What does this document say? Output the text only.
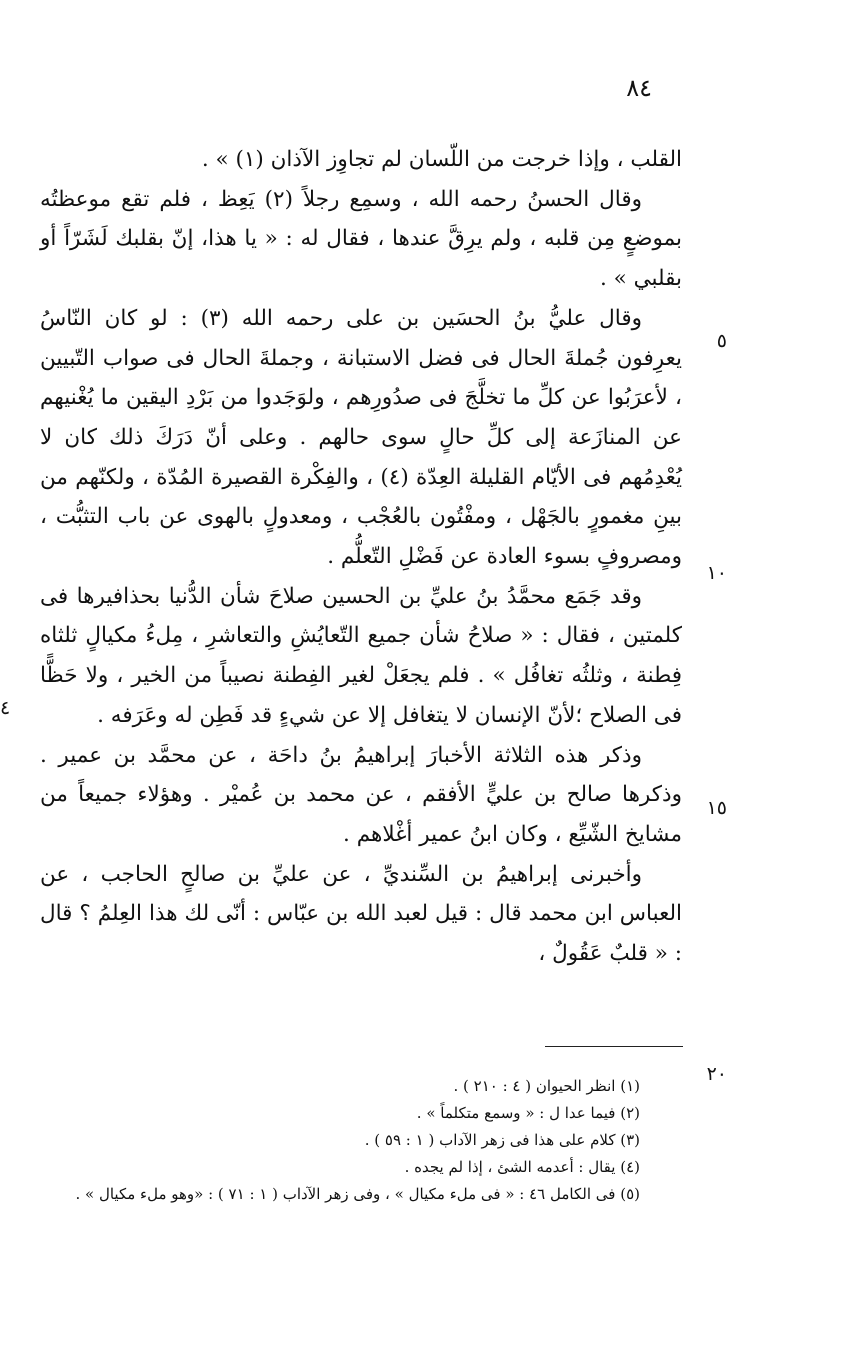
٨٤

القلب ، وإذا خرجت من اللّسان لم تجاوِز الآذان (١) » .

وقال الحسنُ رحمه الله ، وسمِع رجلاً (٢) يَعِظ ، فلم تقع موعظتُه بموضعٍ مِن قلبه ، ولم يرِقَّ عندها ، فقال له : « يا هذا، إنّ بقلبك لَشَرّاً أو بقلبي » .

وقال عليُّ بنُ الحسَين بن على رحمه الله (٣) : لو كان النّاسُ يعرِفون جُملةَ الحال فى فضل الاستبانة ، وجملةَ الحال فى صواب التّبيين ، لأعرَبُوا عن كلِّ ما تخلَّجَ فى صدُورِهم ، ولوَجَدوا من بَرْدِ اليقين ما يُغْنيهم عن المنازَعة إلى كلِّ حالٍ سوى حالهم . وعلى أنّ دَرَكَ ذلك كان لا يُعْدِمُهم فى الأيّام القليلة العِدّة (٤) ، والفِكْرة القصيرة المُدّة ، ولكنّهم من بينِ مغمورٍ بالجَهْل ، ومفْتُون بالعُجْب ، ومعدولٍ بالهوى عن باب التثبُّت ، ومصروفٍ بسوء العادة عن فَضْلِ التّعلُّم .

وقد جَمَع محمَّدُ بنُ عليِّ بن الحسين صلاحَ شأن الدُّنيا بحذافيرها فى كلمتين ، فقال : « صلاحُ شأن جميع التّعايُشِ والتعاشرِ ، مِلءُ مكيالٍ ثلثاه فِطنة ، وثلثُه تغافُل » . فلم يجعَلْ لغير الفِطنة نصيباً من الخير ، ولا حَظًّا فى الصلاح ؛لأنّ الإنسان لا يتغافل إلا عن شيءٍ قد فَطِن له وعَرَفه .

وذكر هذه الثلاثة الأخبارَ إبراهيمُ بنُ داحَة ، عن محمَّد بن عمير . وذكرها صالح بن عليٍّ الأفقم ، عن محمد بن عُميْر . وهؤلاء جميعاً من مشايخ الشّيِّع ، وكان ابنُ عمير أغْلاهم .

وأخبرنى إبراهيمُ بن السِّنديِّ ، عن عليِّ بن صالحٍ الحاجب ، عن العباس ابن محمد قال : قيل لعبد الله بن عبّاس : أنّى لك هذا العِلمُ ؟ قال : « قلبٌ عَقُولٌ ،

٥
١٠
١٥
٢٠
٤
(١) انظر الحيوان ( ٤ : ٢١٠ ) .
(٢) فيما عدا ل : « وسمع متكلماً » .
(٣) كلام على هذا فى زهر الآداب ( ١ : ٥٩ ) .
(٤) يقال : أعدمه الشئ ، إذا لم يجده .
(٥) فى الكامل ٤٦ : « فى ملء مكيال » ، وفى زهر الآداب ( ١ : ٧١ ) : «وهو ملء مكيال » .
